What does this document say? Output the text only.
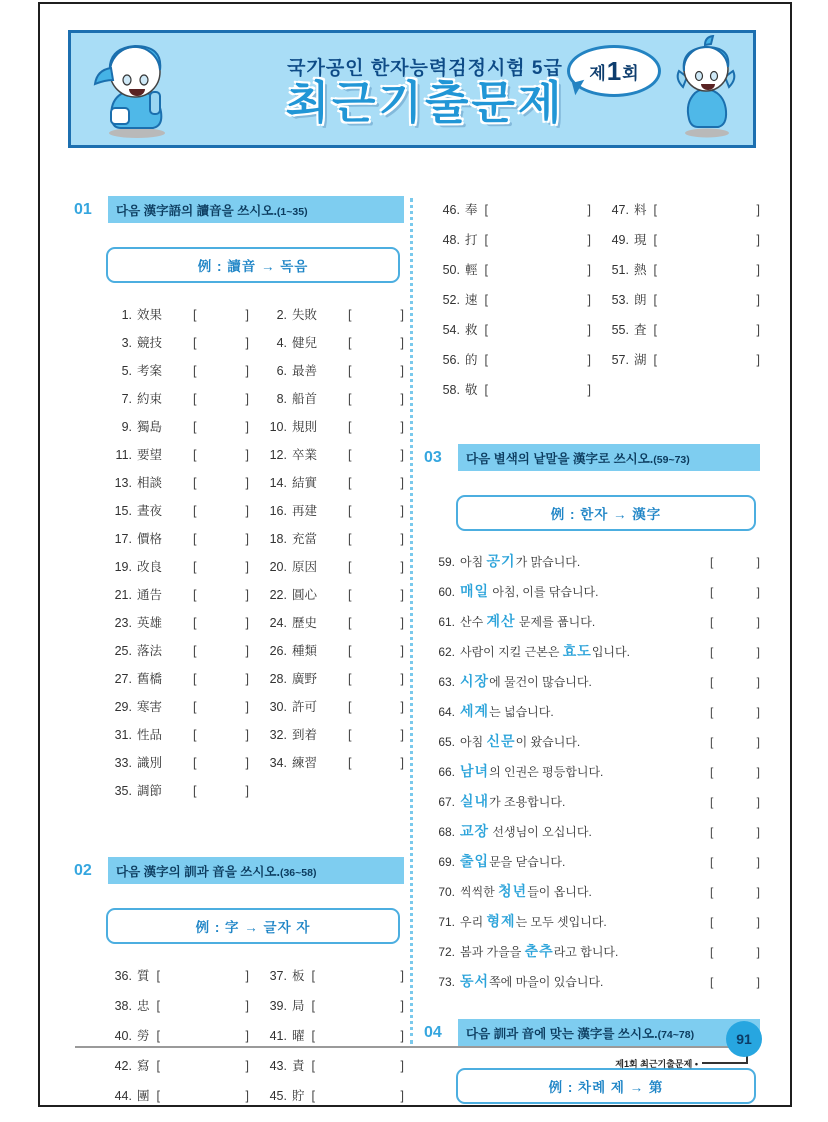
국가공인 한자능력검정시험 5급
최근기출문제
제 1 회
01	다음 漢字語의 讀音을 쓰시오.(1~35)
例 : 讀音 → 독음
1. 效果 [	]	2. 失敗 [	]
3. 競技 [	]	4. 健兒 [	]
5. 考案 [	]	6. 最善 [	]
7. 約束 [	]	8. 船首 [	]
9. 獨島 [	]	10. 規則 [	]
11. 要望 [	]	12. 卒業 [	]
13. 相談 [	]	14. 結實 [	]
15. 晝夜 [	]	16. 再建 [	]
17. 價格 [	]	18. 充當 [	]
19. 改良 [	]	20. 原因 [	]
21. 通告 [	]	22. 圓心 [	]
23. 英雄 [	]	24. 歷史 [	]
25. 落法 [	]	26. 種類 [	]
27. 舊橋 [	]	28. 廣野 [	]
29. 寒害 [	]	30. 許可 [	]
31. 性品 [	]	32. 到着 [	]
33. 識別 [	]	34. 練習 [	]
35. 調節 [	]
02	다음 漢字의 訓과 音을 쓰시오.(36~58)
例 : 字 → 글자 자
36. 質 [	]	37. 板 [	]
38. 忠 [	]	39. 局 [	]
40. 勞 [	]	41. 曜 [	]
42. 寫 [	]	43. 責 [	]
44. 團 [	]	45. 貯 [	]
46. 奉 [	]	47. 料 [	]
48. 打 [	]	49. 現 [	]
50. 輕 [	]	51. 熱 [	]
52. 速 [	]	53. 朗 [	]
54. 救 [	]	55. 査 [	]
56. 的 [	]	57. 湖 [	]
58. 敬 [	]
03	다음 별색의 낱말을 漢字로 쓰시오.(59~73)
例 : 한자 → 漢字
59. 아침 공기가 맑습니다.	[	]
60. 매일 아침, 이를 닦습니다.	[	]
61. 산수 계산 문제를 풉니다.	[	]
62. 사람이 지킬 근본은 효도입니다.	[	]
63. 시장에 물건이 많습니다.	[	]
64. 세계는 넓습니다.	[	]
65. 아침 신문이 왔습니다.	[	]
66. 남녀의 인권은 평등합니다.	[	]
67. 실내가 조용합니다.	[	]
68. 교장 선생님이 오십니다.	[	]
69. 출입문을 닫습니다.	[	]
70. 씩씩한 청년들이 옵니다.	[	]
71. 우리 형제는 모두 셋입니다.	[	]
72. 봄과 가을을 춘추라고 합니다.	[	]
73. 동서쪽에 마을이 있습니다.	[	]
04	다음 訓과 音에 맞는 漢字를 쓰시오.(74~78)
例 : 차례 제 → 第
91
제1회 최근기출문제 •
